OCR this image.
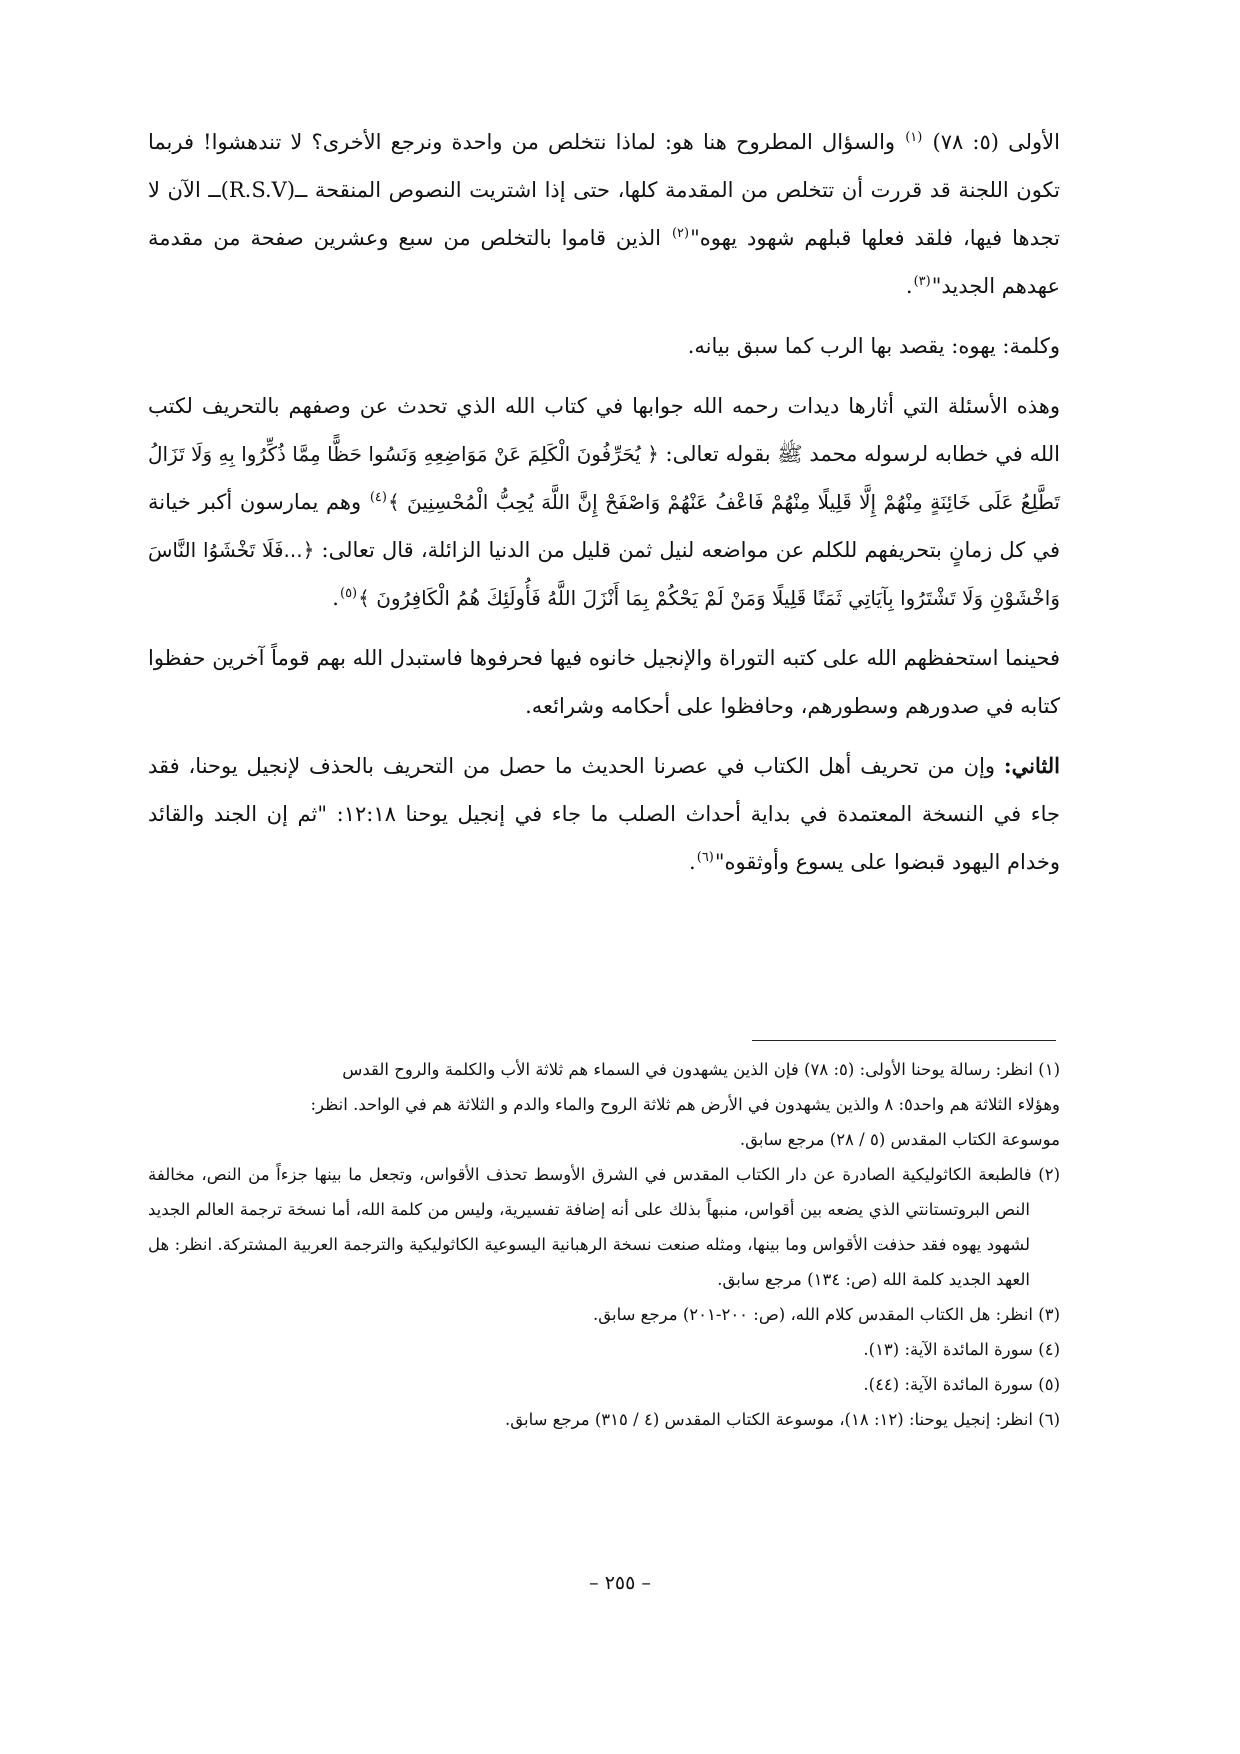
الأولى (٥: ٧٨) $^{(١)}$ والسؤال المطروح هنا هو: لماذا نتخلص من واحدة ونرجع الأخرى؟ لا تندهشوا! فربما تكون اللجنة قد قررت أن تتخلص من المقدمة كلها، حتى إذا اشتريت النصوص المنقحة ــ(R.S.V)ــ الآن لا تجدها فيها، فلقد فعلها قبلهم شهود يهوه"$^{(٢)}$ الذين قاموا بالتخلص من سبع وعشرين صفحة من مقدمة عهدهم الجديد"$^{(٣)}$.

وكلمة: يهوه: يقصد بها الرب كما سبق بيانه.

وهذه الأسئلة التي أثارها ديدات رحمه الله جوابها في كتاب الله الذي تحدث عن وصفهم بالتحريف لكتب الله في خطابه لرسوله محمد ﷺ بقوله تعالى: ﴿ يُحَرِّفُونَ الْكَلِمَ عَنْ مَوَاضِعِهِ وَنَسُوا حَظًّا مِمَّا ذُكِّرُوا بِهِ وَلَا تَزَالُ تَطَّلِعُ عَلَى خَائِنَةٍ مِنْهُمْ إِلَّا قَلِيلًا مِنْهُمْ فَاعْفُ عَنْهُمْ وَاصْفَحْ إِنَّ اللَّهَ يُحِبُّ الْمُحْسِنِينَ ﴾$^{(٤)}$ وهم يمارسون أكبر خيانة في كل زمانٍ بتحريفهم للكلم عن مواضعه لنيل ثمن قليل من الدنيا الزائلة، قال تعالى: ﴿...فَلَا تَخْشَوُا النَّاسَ وَاخْشَوْنِ وَلَا تَشْتَرُوا بِآيَاتِي ثَمَنًا قَلِيلًا وَمَنْ لَمْ يَحْكُمْ بِمَا أَنْزَلَ اللَّهُ فَأُولَئِكَ هُمُ الْكَافِرُونَ ﴾$^{(٥)}$.

فحينما استحفظهم الله على كتبه التوراة والإنجيل خانوه فيها فحرفوها فاستبدل الله بهم قوماً آخرين حفظوا كتابه في صدورهم وسطورهم، وحافظوا على أحكامه وشرائعه.

الثاني: وإن من تحريف أهل الكتاب في عصرنا الحديث ما حصل من التحريف بالحذف لإنجيل يوحنا، فقد جاء في النسخة المعتمدة في بداية أحداث الصلب ما جاء في إنجيل يوحنا ١٢:١٨: "ثم إن الجند والقائد وخدام اليهود قبضوا على يسوع وأوثقوه"$^{(٦)}$.

(١) انظر: رسالة يوحنا الأولى: (٥: ٧٨) فإن الذين يشهدون في السماء هم ثلاثة الأب والكلمة والروح القدس

وهؤلاء الثلاثة هم واحد٥: ٨ والذين يشهدون في الأرض هم ثلاثة الروح والماء والدم و الثلاثة هم في الواحد. انظر:

موسوعة الكتاب المقدس (٥ / ٢٨) مرجع سابق.

(٢) فالطبعة الكاثوليكية الصادرة عن دار الكتاب المقدس في الشرق الأوسط تحذف الأقواس، وتجعل ما بينها جزءاً من النص، مخالفة النص البروتستانتي الذي يضعه بين أقواس، منبهاً بذلك على أنه إضافة تفسيرية، وليس من كلمة الله، أما نسخة ترجمة العالم الجديد لشهود يهوه فقد حذفت الأقواس وما بينها، ومثله صنعت نسخة الرهبانية اليسوعية الكاثوليكية والترجمة العربية المشتركة. انظر: هل العهد الجديد كلمة الله (ص: ١٣٤) مرجع سابق.

(٣) انظر: هل الكتاب المقدس كلام الله، (ص: ٢٠٠-٢٠١) مرجع سابق.

(٤) سورة المائدة الآية: (١٣).

(٥) سورة المائدة الآية: (٤٤).

(٦) انظر: إنجيل يوحنا: (١٢: ١٨)، موسوعة الكتاب المقدس (٤ / ٣١٥) مرجع سابق.

– ٢٥٥ –
